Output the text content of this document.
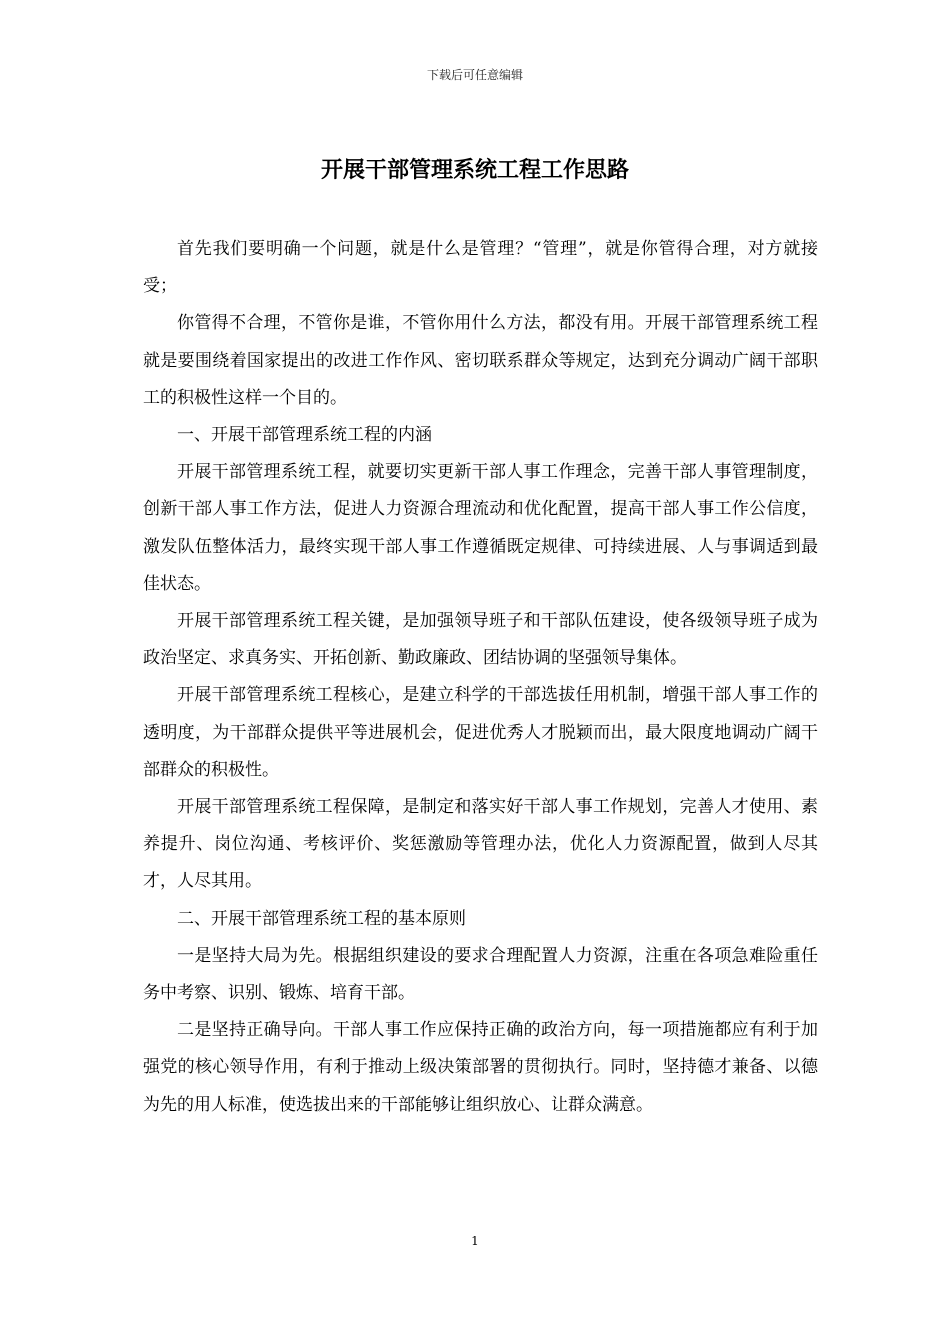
下载后可任意编辑
开展干部管理系统工程工作思路

首先我们要明确一个问题，就是什么是管理？“管理”，就是你管得合理，对方就接受；

你管得不合理，不管你是谁，不管你用什么方法，都没有用。开展干部管理系统工程就是要围绕着国家提出的改进工作作风、密切联系群众等规定，达到充分调动广阔干部职工的积极性这样一个目的。

一、开展干部管理系统工程的内涵

开展干部管理系统工程，就要切实更新干部人事工作理念，完善干部人事管理制度，创新干部人事工作方法，促进人力资源合理流动和优化配置，提高干部人事工作公信度，激发队伍整体活力，最终实现干部人事工作遵循既定规律、可持续进展、人与事调适到最佳状态。

开展干部管理系统工程关键，是加强领导班子和干部队伍建设，使各级领导班子成为政治坚定、求真务实、开拓创新、勤政廉政、团结协调的坚强领导集体。

开展干部管理系统工程核心，是建立科学的干部选拔任用机制，增强干部人事工作的透明度，为干部群众提供平等进展机会，促进优秀人才脱颖而出，最大限度地调动广阔干部群众的积极性。

开展干部管理系统工程保障，是制定和落实好干部人事工作规划，完善人才使用、素养提升、岗位沟通、考核评价、奖惩激励等管理办法，优化人力资源配置，做到人尽其才，人尽其用。

二、开展干部管理系统工程的基本原则

一是坚持大局为先。根据组织建设的要求合理配置人力资源，注重在各项急难险重任务中考察、识别、锻炼、培育干部。

二是坚持正确导向。干部人事工作应保持正确的政治方向，每一项措施都应有利于加强党的核心领导作用，有利于推动上级决策部署的贯彻执行。同时，坚持德才兼备、以德为先的用人标准，使选拔出来的干部能够让组织放心、让群众满意。

1
